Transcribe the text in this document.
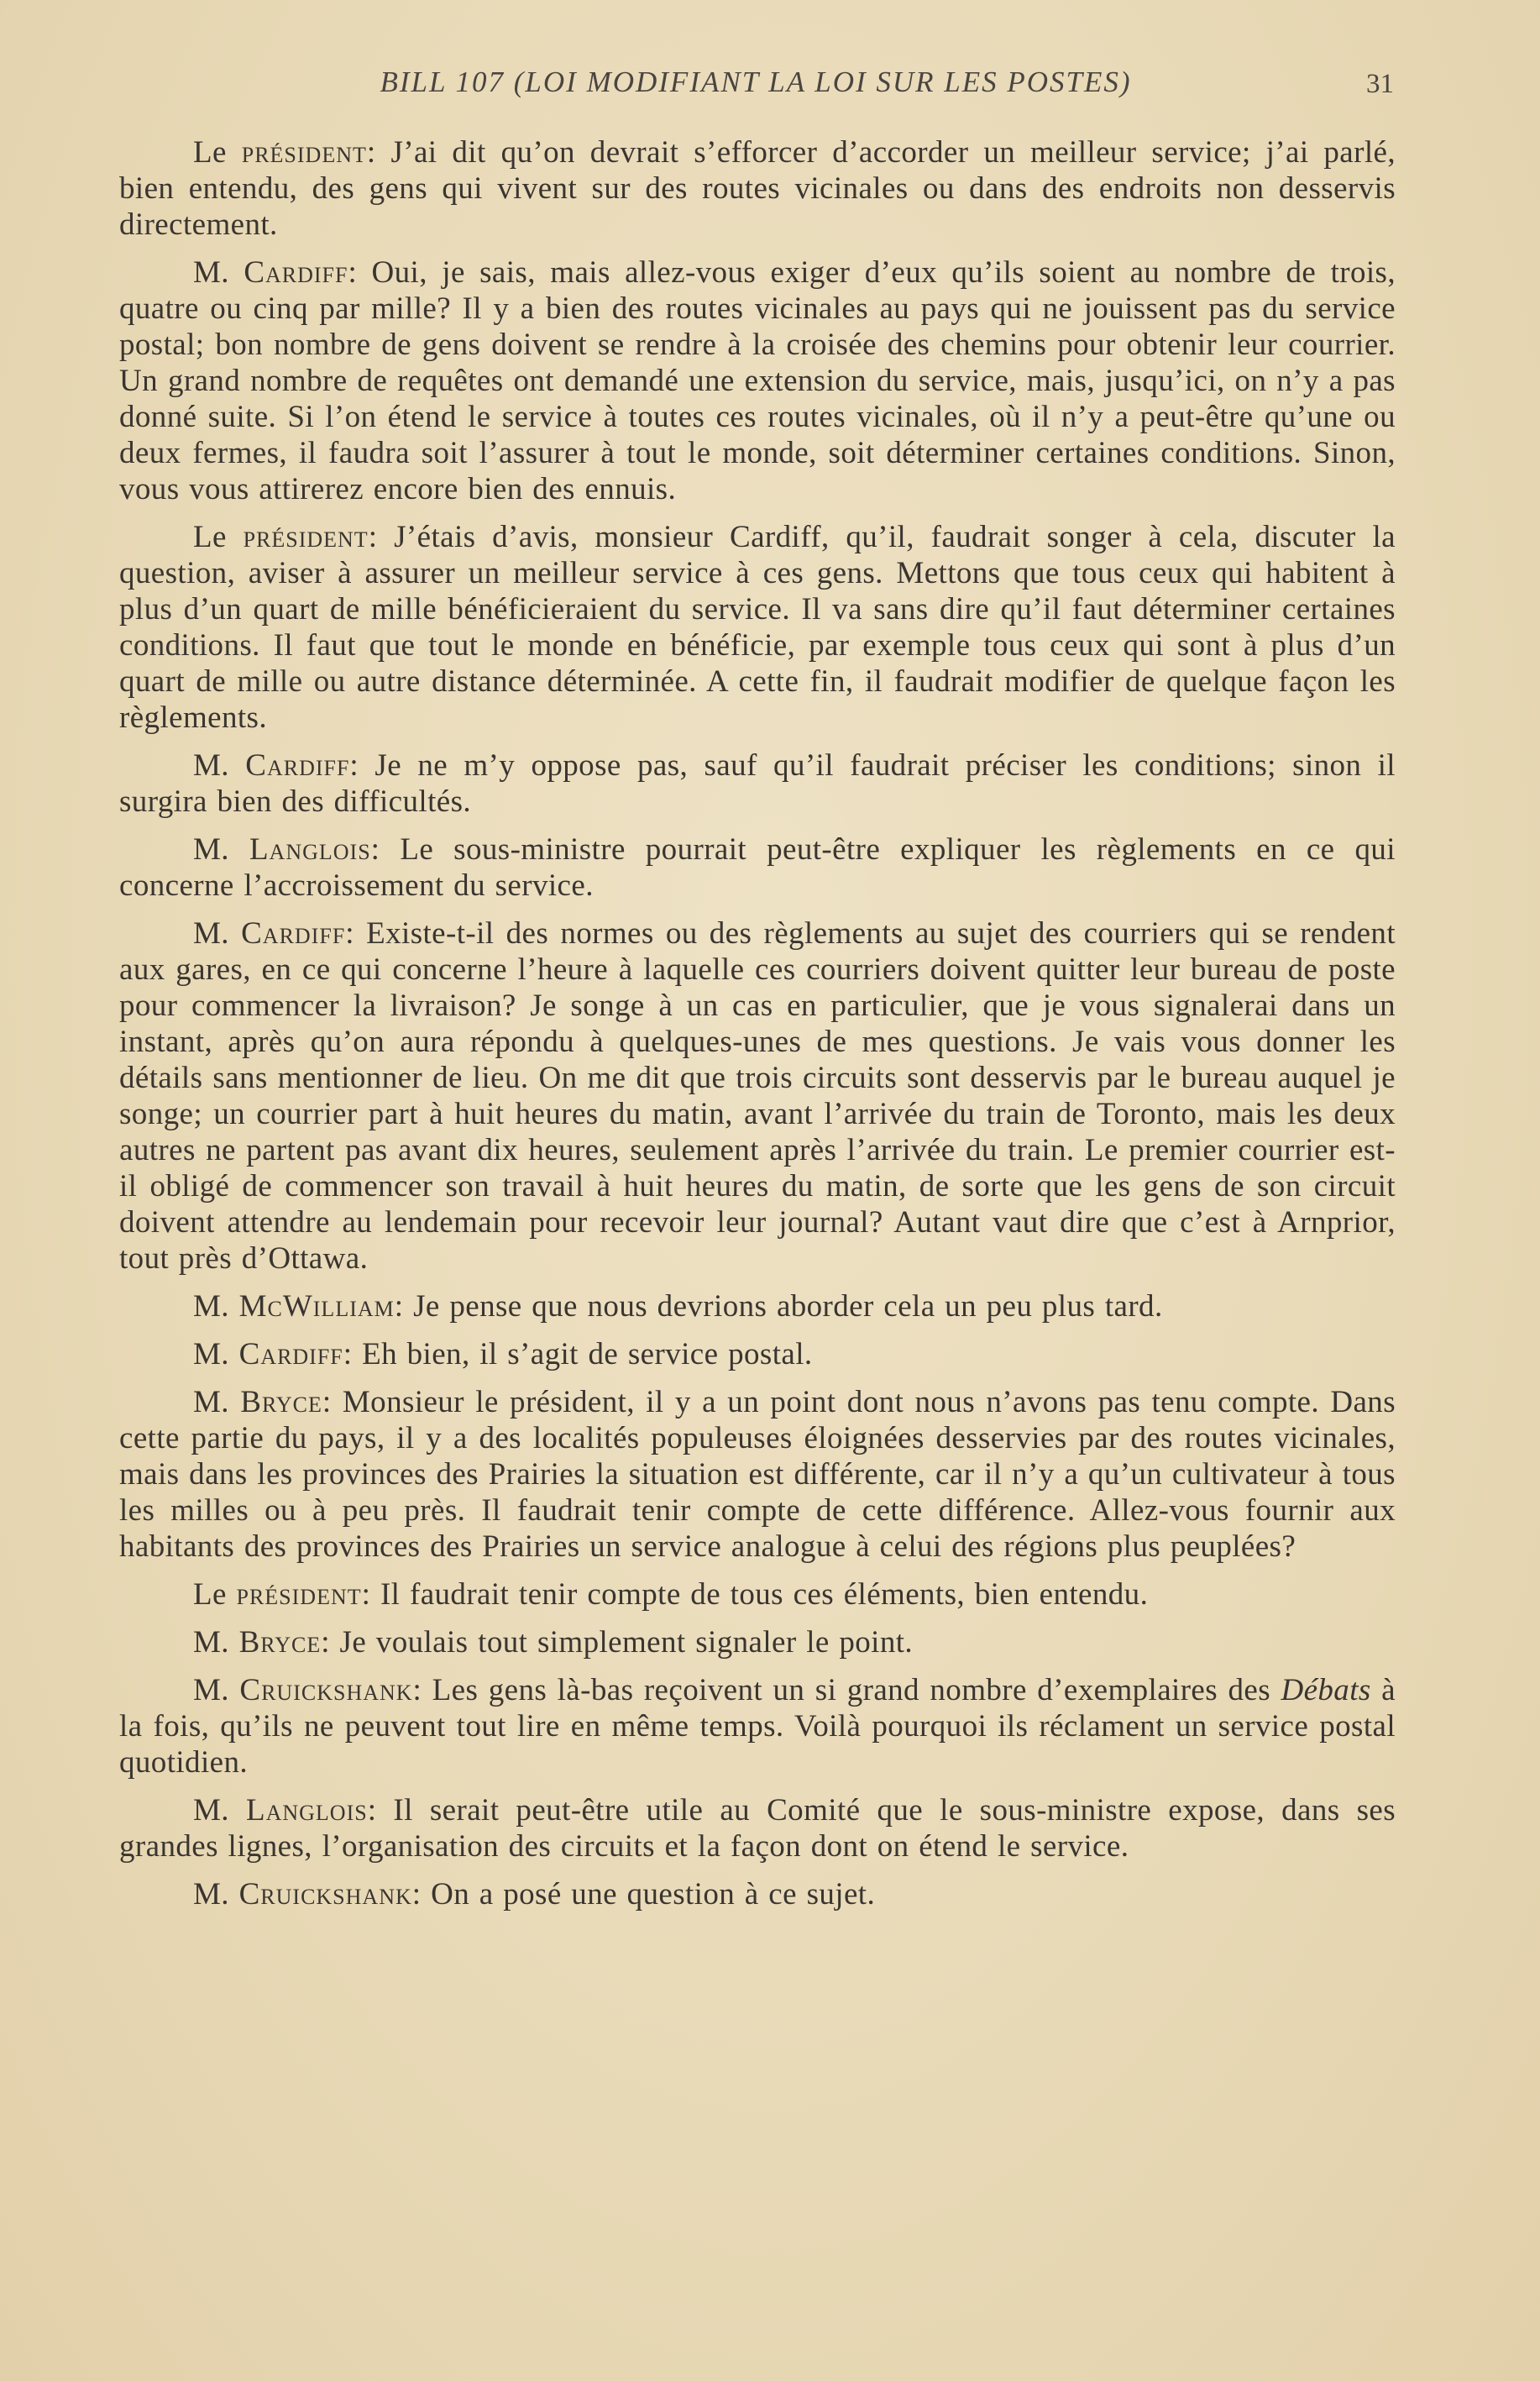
BILL 107 (LOI MODIFIANT LA LOI SUR LES POSTES)	31

Le président: J’ai dit qu’on devrait s’efforcer d’accorder un meilleur service; j’ai parlé, bien entendu, des gens qui vivent sur des routes vicinales ou dans des endroits non desservis directement.

M. Cardiff: Oui, je sais, mais allez-vous exiger d’eux qu’ils soient au nombre de trois, quatre ou cinq par mille? Il y a bien des routes vicinales au pays qui ne jouissent pas du service postal; bon nombre de gens doivent se rendre à la croisée des chemins pour obtenir leur courrier. Un grand nombre de requêtes ont demandé une extension du service, mais, jusqu’ici, on n’y a pas donné suite. Si l’on étend le service à toutes ces routes vicinales, où il n’y a peut-être qu’une ou deux fermes, il faudra soit l’assurer à tout le monde, soit déterminer certaines conditions. Sinon, vous vous attirerez encore bien des ennuis.

Le président: J’étais d’avis, monsieur Cardiff, qu’il, faudrait songer à cela, discuter la question, aviser à assurer un meilleur service à ces gens. Mettons que tous ceux qui habitent à plus d’un quart de mille bénéficieraient du service. Il va sans dire qu’il faut déterminer certaines conditions. Il faut que tout le monde en bénéficie, par exemple tous ceux qui sont à plus d’un quart de mille ou autre distance déterminée. A cette fin, il faudrait modifier de quelque façon les règlements.

M. Cardiff: Je ne m’y oppose pas, sauf qu’il faudrait préciser les conditions; sinon il surgira bien des difficultés.

M. Langlois: Le sous-ministre pourrait peut-être expliquer les règlements en ce qui concerne l’accroissement du service.

M. Cardiff: Existe-t-il des normes ou des règlements au sujet des courriers qui se rendent aux gares, en ce qui concerne l’heure à laquelle ces courriers doivent quitter leur bureau de poste pour commencer la livraison? Je songe à un cas en particulier, que je vous signalerai dans un instant, après qu’on aura répondu à quelques-unes de mes questions. Je vais vous donner les détails sans mentionner de lieu. On me dit que trois circuits sont desservis par le bureau auquel je songe; un courrier part à huit heures du matin, avant l’arrivée du train de Toronto, mais les deux autres ne partent pas avant dix heures, seulement après l’arrivée du train. Le premier courrier est-il obligé de commencer son travail à huit heures du matin, de sorte que les gens de son circuit doivent attendre au lendemain pour recevoir leur journal? Autant vaut dire que c’est à Arnprior, tout près d’Ottawa.

M. McWilliam: Je pense que nous devrions aborder cela un peu plus tard.

M. Cardiff: Eh bien, il s’agit de service postal.

M. Bryce: Monsieur le président, il y a un point dont nous n’avons pas tenu compte. Dans cette partie du pays, il y a des localités populeuses éloignées desservies par des routes vicinales, mais dans les provinces des Prairies la situation est différente, car il n’y a qu’un cultivateur à tous les milles ou à peu près. Il faudrait tenir compte de cette différence. Allez-vous fournir aux habitants des provinces des Prairies un service analogue à celui des régions plus peuplées?

Le président: Il faudrait tenir compte de tous ces éléments, bien entendu.

M. Bryce: Je voulais tout simplement signaler le point.

M. Cruickshank: Les gens là-bas reçoivent un si grand nombre d’exemplaires des Débats à la fois, qu’ils ne peuvent tout lire en même temps. Voilà pourquoi ils réclament un service postal quotidien.

M. Langlois: Il serait peut-être utile au Comité que le sous-ministre expose, dans ses grandes lignes, l’organisation des circuits et la façon dont on étend le service.

M. Cruickshank: On a posé une question à ce sujet.
